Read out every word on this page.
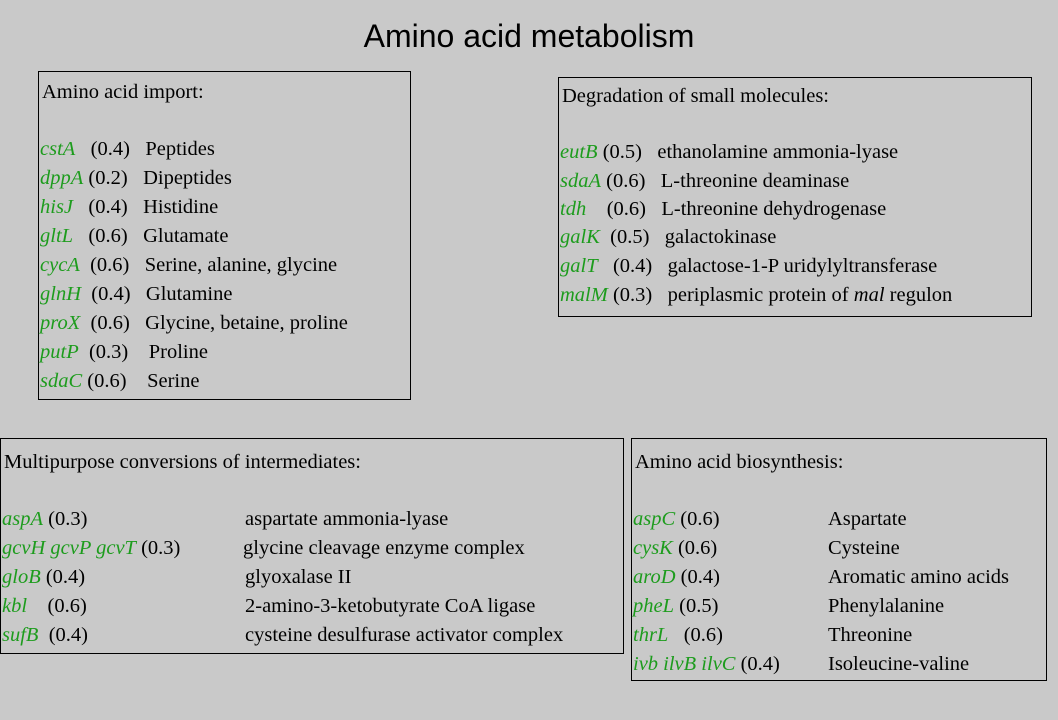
Amino acid metabolism
Amino acid import:
cstA (0.4) Peptides
dppA (0.2) Dipeptides
hisJ (0.4) Histidine
gltL (0.6) Glutamate
cycA (0.6) Serine, alanine, glycine
glnH (0.4) Glutamine
proX (0.6) Glycine, betaine, proline
putP (0.3) Proline
sdaC (0.6) Serine
Degradation of small molecules:
eutB (0.5) ethanolamine ammonia-lyase
sdaA (0.6) L-threonine deaminase
tdh (0.6) L-threonine dehydrogenase
galK (0.5) galactokinase
galT (0.4) galactose-1-P uridylyltransferase
malM (0.3) periplasmic protein of mal regulon
Multipurpose conversions of intermediates:
aspA (0.3)	aspartate ammonia-lyase
gcvH gcvP gcvT (0.3)	glycine cleavage enzyme complex
gloB (0.4)	glyoxalase II
kbl (0.6)	2-amino-3-ketobutyrate CoA ligase
sufB (0.4)	cysteine desulfurase activator complex
Amino acid biosynthesis:
aspC (0.6)	Aspartate
cysK (0.6)	Cysteine
aroD (0.4)	Aromatic amino acids
pheL (0.5)	Phenylalanine
thrL (0.6)	Threonine
ivb ilvB ilvC (0.4) Isoleucine-valine
